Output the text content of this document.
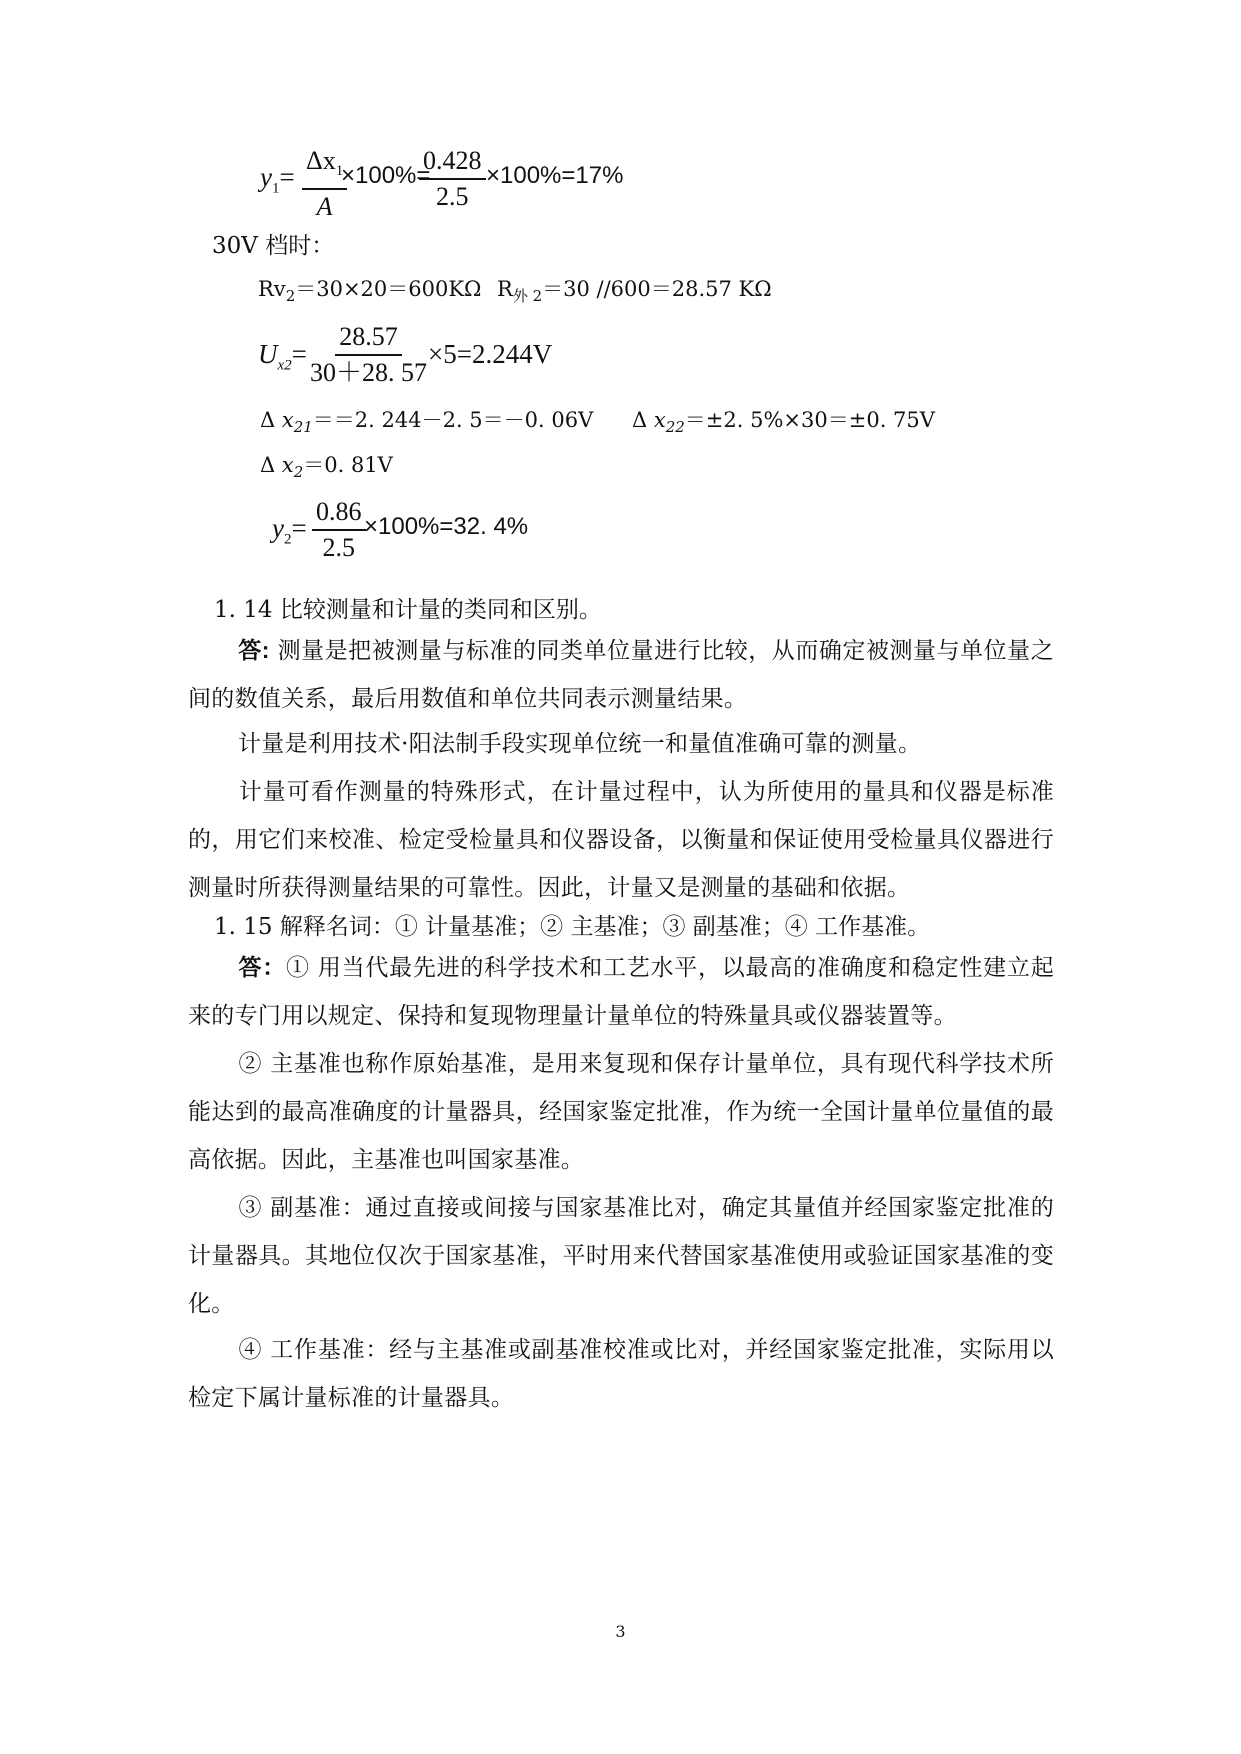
$y_1= \frac{\Delta x_1}{A}$
×100%=
$\frac{0.428}{2.5} \times 100\%=17\%$
30V 档时：
$Rv_2=30\times 20=600K\Omega$ $R_{外 2}=30$ //600＝28.57 KΩ
$U_{x2}= \frac{28.57}{30+28. 57} \times 5=2.244V$
Δ $x_{21}==2$. 244－2. 5＝－0. 06V Δ $x_{22}=\pm 2$. 5%×30＝±0. 75V
Δ $x_2=0$. 81V
$y_2= \frac{0.86}{2.5}$
×100%=32. 4%
1. 14 比较测量和计量的类同和区别。
答: 测量是把被测量与标准的同类单位量进行比较，从而确定被测量与单位量之间的数值关系，最后用数值和单位共同表示测量结果。
计量是利用技术·阳法制手段实现单位统一和量值准确可靠的测量。
计量可看作测量的特殊形式，在计量过程中，认为所使用的量具和仪器是标准的，用它们来校准、检定受检量具和仪器设备，以衡量和保证使用受检量具仪器进行测量时所获得测量结果的可靠性。因此，计量又是测量的基础和依据。
1. 15 解释名词：① 计量基准；② 主基准；③ 副基准；④ 工作基准。
答：① 用当代最先进的科学技术和工艺水平，以最高的准确度和稳定性建立起来的专门用以规定、保持和复现物理量计量单位的特殊量具或仪器装置等。
② 主基准也称作原始基准，是用来复现和保存计量单位，具有现代科学技术所能达到的最高准确度的计量器具，经国家鉴定批准，作为统一全国计量单位量值的最高依据。因此，主基准也叫国家基准。
③ 副基准：通过直接或间接与国家基准比对，确定其量值并经国家鉴定批准的计量器具。其地位仅次于国家基准，平时用来代替国家基准使用或验证国家基准的变化。
④ 工作基准：经与主基准或副基准校准或比对，并经国家鉴定批准，实际用以检定下属计量标准的计量器具。
3
